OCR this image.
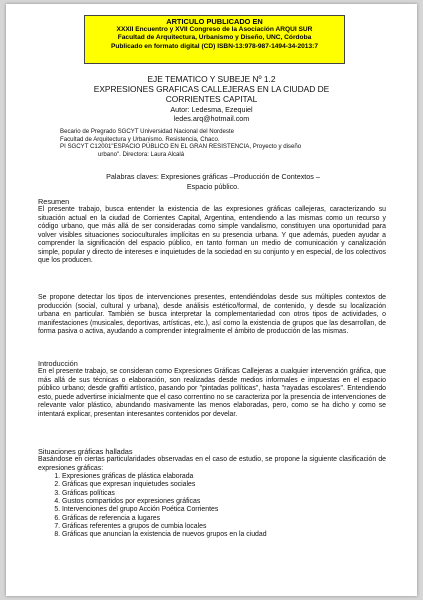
ARTICULO PUBLICADO EN
XXXII Encuentro y XVII Congreso de la Asociación ARQUI SUR
Facultad de Arquitectura, Urbanismo y Diseño, UNC, Córdoba
Publicado en formato digital (CD) ISBN-13:978-987-1494-34-2013:7
EJE TEMATICO Y SUBEJE Nº 1.2
EXPRESIONES GRAFICAS CALLEJERAS EN LA CIUDAD DE
CORRIENTES CAPITAL
Autor: Ledesma, Ezequiel
ledes.arq@hotmail.com
Becario de Pregrado SGCYT Universidad Nacional del Nordeste
Facultad de Arquitectura y Urbanismo. Resistencia, Chaco.
PI SGCYT C12001"ESPACIO PÚBLICO EN EL GRAN RESISTENCIA, Proyecto y diseño
urbano". Directora: Laura Alcalá
Palabras claves: Expresiones gráficas –Producción de Contextos –
Espacio público.
Resumen

El presente trabajo, busca entender la existencia de las expresiones gráficas callejeras, caracterizando su situación actual en la ciudad de Corrientes Capital, Argentina, entendiendo a las mismas como un recurso y código urbano, que más allá de ser consideradas como simple vandalismo, constituyen una oportunidad para volver visibles situaciones socioculturales implícitas en su presencia urbana. Y que además, pueden ayudar a comprender la significación del espacio público, en tanto forman un medio de comunicación y canalización simple, popular y directo de intereses e inquietudes de la sociedad en su conjunto y en especial, de los colectivos que los producen.

Se propone detectar los tipos de intervenciones presentes, entendiéndolas desde sus múltiples contextos de producción (social, cultural y urbana), desde análisis estético/formal, de contenido, y desde su localización urbana en particular. También se busca interpretar la complementariedad con otros tipos de actividades, o manifestaciones (musicales, deportivas, artísticas, etc.), así como la existencia de grupos que las desarrollan, de forma pasiva o activa, ayudando a comprender integralmente el ámbito de producción de las mismas.

Introducción

En el presente trabajo, se consideran como Expresiones Gráficas Callejeras a cualquier intervención gráfica, que más allá de sus técnicas o elaboración, son realizadas desde medios informales e impuestas en el espacio público urbano; desde graffiti artístico, pasando por "pintadas políticas", hasta "rayadas escolares". Entendiendo esto, puede advertirse inicialmente que el caso correntino no se caracteriza por la presencia de intervenciones de relevante valor plástico, abundando masivamente las menos elaboradas, pero, como se ha dicho y como se intentará explicar, presentan interesantes contenidos por develar.

Situaciones gráficas halladas

Basándose en ciertas particularidades observadas en el caso de estudio, se propone la siguiente clasificación de expresiones gráficas:

1. Expresiones gráficas de plástica elaborada
2. Gráficas que expresan inquietudes sociales
3. Gráficas políticas
4. Gustos compartidos por expresiones gráficas
5. Intervenciones del grupo Acción Poética Corrientes
6. Gráficas de referencia a lugares
7. Gráficas referentes a grupos de cumbia locales
8. Gráficas que anuncian la existencia de nuevos grupos en la ciudad
